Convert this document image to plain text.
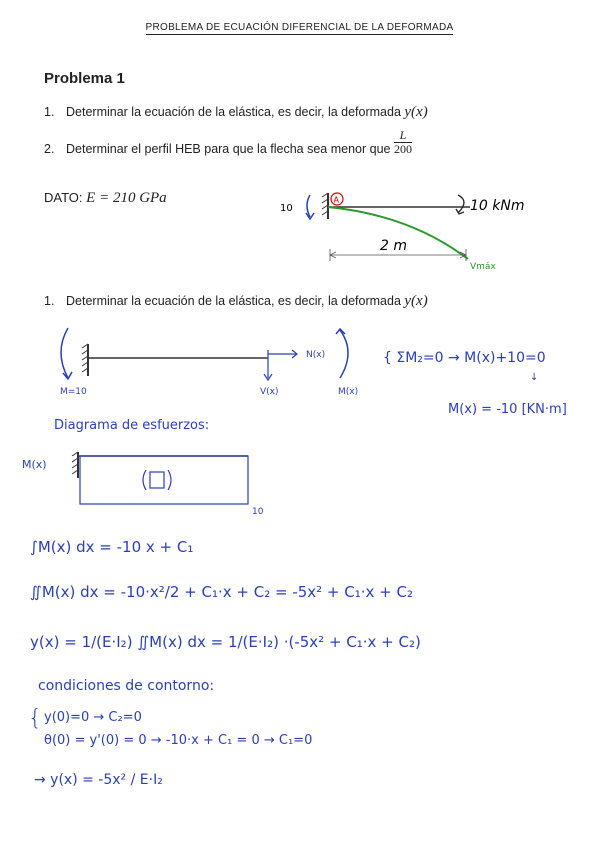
PROBLEMA DE ECUACIÓN DIFERENCIAL DE LA DEFORMADA
Problema 1
1. Determinar la ecuación de la elástica, es decir, la deformada y(x)
2. Determinar el perfil HEB para que la flecha sea menor que $\frac{L}{200}$
DATO: E = 210 GPa
10
A	10 kNm
2 m
Vmáx
1. Determinar la ecuación de la elástica, es decir, la deformada y(x)
N(x)
M=10	V(x)	M(x)
{ ΣM₂=0 → M(x)+10=0
↓
M(x) = -10 [KN·m]
Diagrama de esfuerzos:
M(x)
10
∫M(x) dx = -10 x + C₁
∬M(x) dx = -10·x²/2 + C₁·x + C₂ = -5x² + C₁·x + C₂
y(x) = 1/(E·I₂) ∬M(x) dx = 1/(E·I₂) ·(-5x² + C₁·x + C₂)
condiciones de contorno:
{ y(0)=0 → C₂=0
θ(0) = y'(0) = 0 → -10·x + C₁ = 0 → C₁=0
→ y(x) = -5x² / E·I₂
